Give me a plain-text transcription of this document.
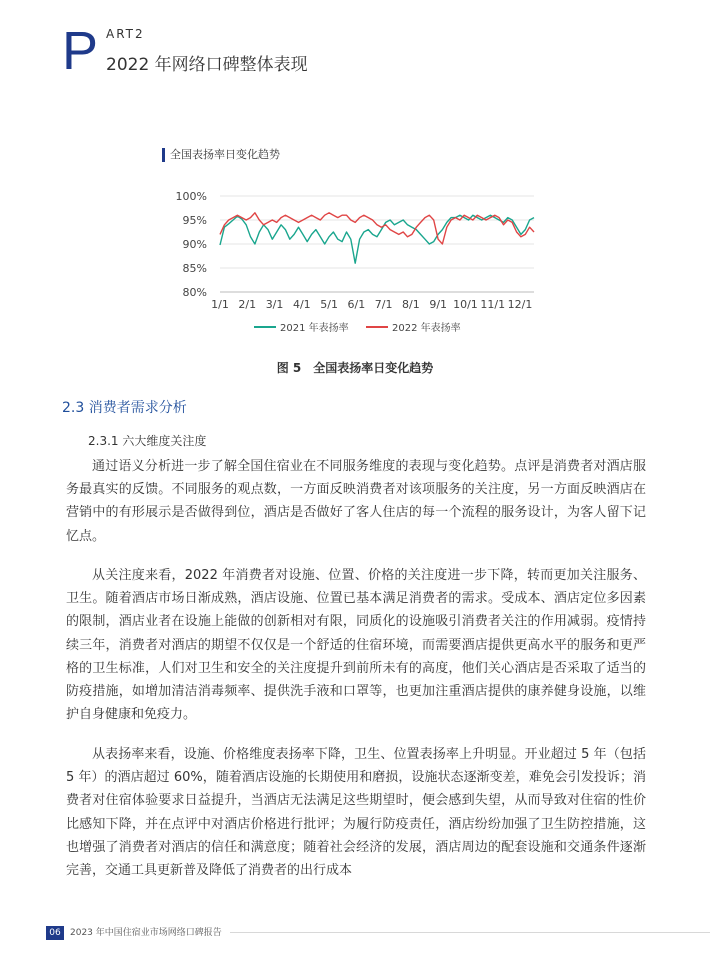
P ART2
2022 年网络口碑整体表现
全国表扬率日变化趋势
100%
95%
90%
85%
80%
1/1 2/1 3/1 4/1 5/1 6/1 7/1 8/1 9/1 10/1 11/1 12/1
2021 年表扬率	2022 年表扬率
图 5　全国表扬率日变化趋势
2.3 消费者需求分析
2.3.1 六大维度关注度

通过语义分析进一步了解全国住宿业在不同服务维度的表现与变化趋势。点评是消费者对酒店服务最真实的反馈。不同服务的观点数，一方面反映消费者对该项服务的关注度，另一方面反映酒店在营销中的有形展示是否做得到位，酒店是否做好了客人住店的每一个流程的服务设计，为客人留下记忆点。

从关注度来看，2022 年消费者对设施、位置、价格的关注度进一步下降，转而更加关注服务、卫生。随着酒店市场日渐成熟，酒店设施、位置已基本满足消费者的需求。受成本、酒店定位多因素的限制，酒店业者在设施上能做的创新相对有限，同质化的设施吸引消费者关注的作用减弱。疫情持续三年，消费者对酒店的期望不仅仅是一个舒适的住宿环境，而需要酒店提供更高水平的服务和更严格的卫生标准，人们对卫生和安全的关注度提升到前所未有的高度，他们关心酒店是否采取了适当的防疫措施，如增加清洁消毒频率、提供洗手液和口罩等，也更加注重酒店提供的康养健身设施，以维护自身健康和免疫力。

从表扬率来看，设施、价格维度表扬率下降，卫生、位置表扬率上升明显。开业超过 5 年（包括 5 年）的酒店超过 60%，随着酒店设施的长期使用和磨损，设施状态逐渐变差，难免会引发投诉；消费者对住宿体验要求日益提升，当酒店无法满足这些期望时，便会感到失望，从而导致对住宿的性价比感知下降，并在点评中对酒店价格进行批评；为履行防疫责任，酒店纷纷加强了卫生防控措施，这也增强了消费者对酒店的信任和满意度；随着社会经济的发展，酒店周边的配套设施和交通条件逐渐完善，交通工具更新普及降低了消费者的出行成本

06	2023 年中国住宿业市场网络口碑报告
